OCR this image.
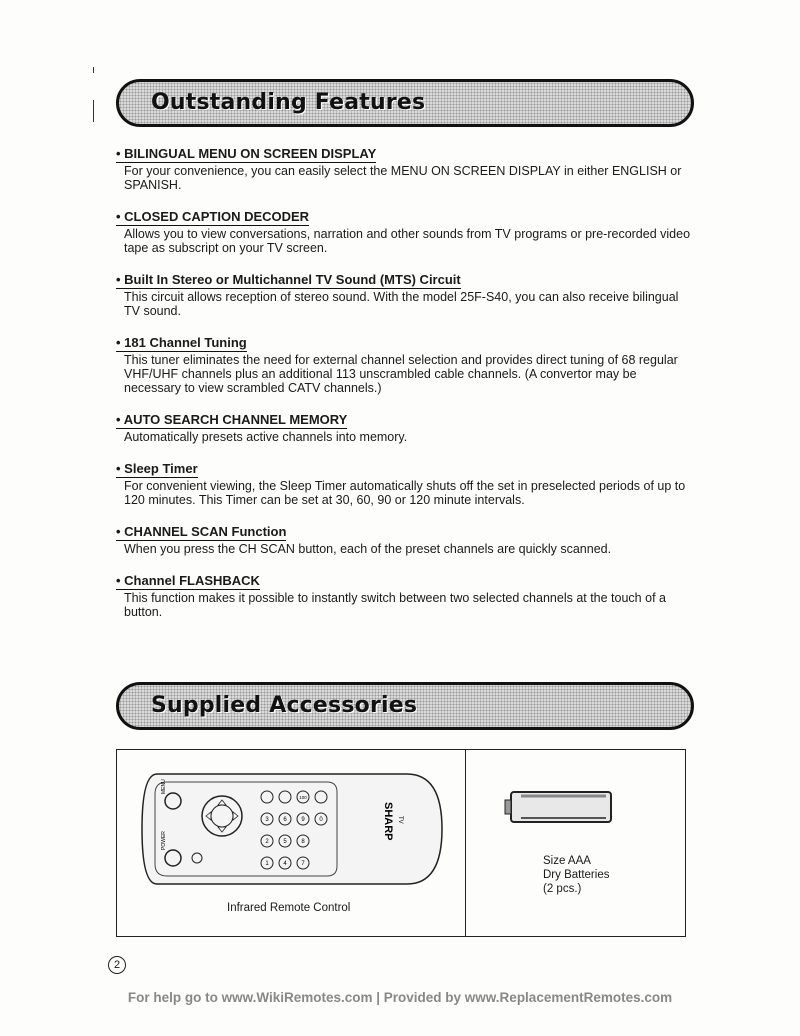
Outstanding Features
• BILINGUAL MENU ON SCREEN DISPLAY
For your convenience, you can easily select the MENU ON SCREEN DISPLAY in either ENGLISH or SPANISH.
• CLOSED CAPTION DECODER
Allows you to view conversations, narration and other sounds from TV programs or pre-recorded video tape as subscript on your TV screen.
• Built In Stereo or Multichannel TV Sound (MTS) Circuit
This circuit allows reception of stereo sound. With the model 25F-S40, you can also receive bilingual TV sound.
• 181 Channel Tuning
This tuner eliminates the need for external channel selection and provides direct tuning of 68 regular VHF/UHF channels plus an additional 113 unscrambled cable channels. (A convertor may be necessary to view scrambled CATV channels.)
• AUTO SEARCH CHANNEL MEMORY
Automatically presets active channels into memory.
• Sleep Timer
For convenient viewing, the Sleep Timer automatically shuts off the set in preselected periods of up to 120 minutes. This Timer can be set at 30, 60, 90 or 120 minute intervals.
• CHANNEL SCAN Function
When you press the CH SCAN button, each of the preset channels are quickly scanned.
• Channel FLASHBACK
This function makes it possible to instantly switch between two selected channels at the touch of a button.
Supplied Accessories
POWER
MENU
1
2
3
4
5
6
7
8
9 0
100
SHARP TV
Infrared Remote Control
Size AAA
Dry Batteries
(2 pcs.)
2
For help go to www.WikiRemotes.com | Provided by www.ReplacementRemotes.com
